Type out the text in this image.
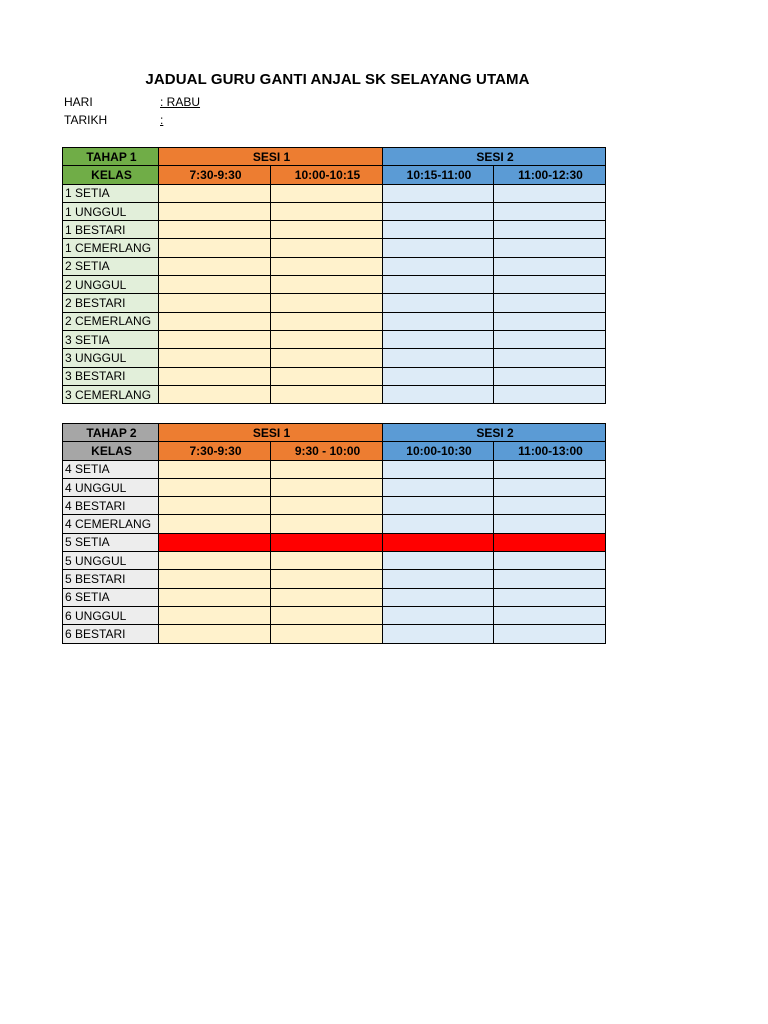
JADUAL GURU GANTI ANJAL SK SELAYANG UTAMA
HARI	: RABU
TARIKH	:
TAHAP 1	SESI 1		SESI 2	
KELAS	7:30-9:30	10:00-10:15	10:15-11:00	11:00-12:30
1 SETIA				
1 UNGGUL				
1 BESTARI				
1 CEMERLANG				
2 SETIA				
2 UNGGUL				
2 BESTARI				
2 CEMERLANG				
3 SETIA				
3 UNGGUL				
3 BESTARI				
3 CEMERLANG				
TAHAP 2	SESI 1		SESI 2	
KELAS	7:30-9:30	9:30 - 10:00	10:00-10:30	11:00-13:00
4 SETIA				
4 UNGGUL				
4 BESTARI				
4 CEMERLANG				
5 SETIA				
5 UNGGUL				
5 BESTARI				
6 SETIA				
6 UNGGUL				
6 BESTARI				
